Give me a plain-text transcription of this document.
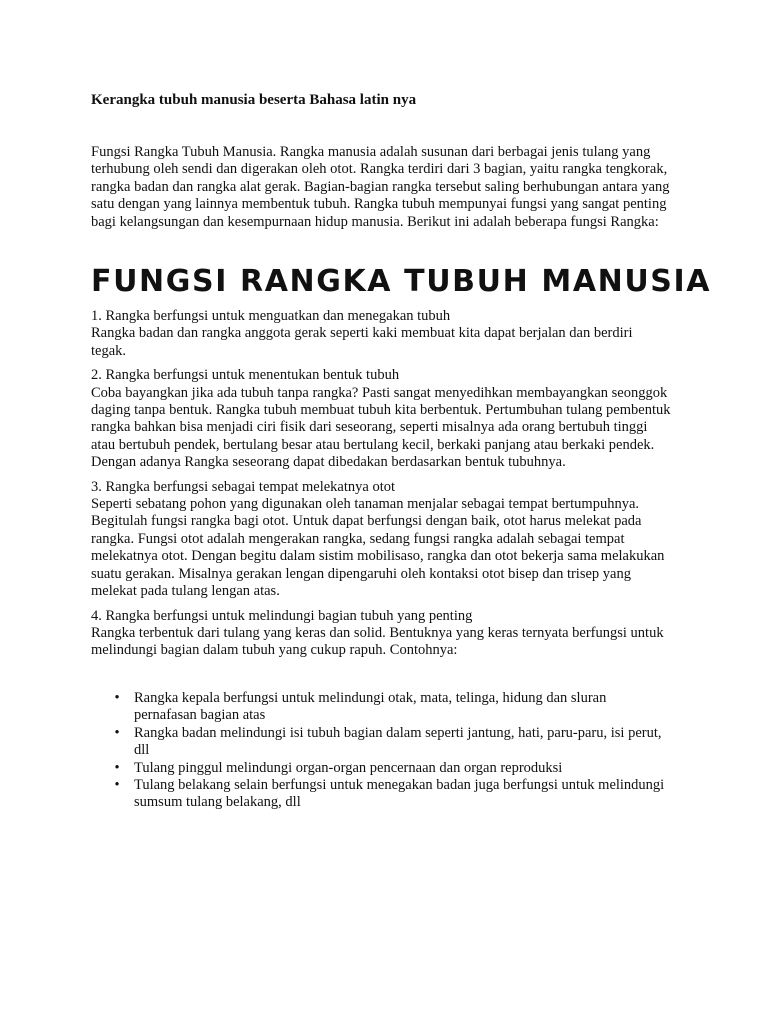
Kerangka tubuh manusia beserta Bahasa latin nya

Fungsi Rangka Tubuh Manusia. Rangka manusia adalah susunan dari berbagai jenis tulang yang terhubung oleh sendi dan digerakan oleh otot. Rangka terdiri dari 3 bagian, yaitu rangka tengkorak, rangka badan dan rangka alat gerak. Bagian-bagian rangka tersebut saling berhubungan antara yang satu dengan yang lainnya membentuk tubuh. Rangka tubuh mempunyai fungsi yang sangat penting bagi kelangsungan dan kesempurnaan hidup manusia. Berikut ini adalah beberapa fungsi Rangka:

FUNGSI RANGKA TUBUH MANUSIA

1. Rangka berfungsi untuk menguatkan dan menegakan tubuh

Rangka badan dan rangka anggota gerak seperti kaki membuat kita dapat berjalan dan berdiri tegak.

2. Rangka berfungsi untuk menentukan bentuk tubuh

Coba bayangkan jika ada tubuh tanpa rangka? Pasti sangat menyedihkan membayangkan seonggok daging tanpa bentuk. Rangka tubuh membuat tubuh kita berbentuk. Pertumbuhan tulang pembentuk rangka bahkan bisa menjadi ciri fisik dari seseorang, seperti misalnya ada orang bertubuh tinggi atau bertubuh pendek, bertulang besar atau bertulang kecil, berkaki panjang atau berkaki pendek. Dengan adanya Rangka seseorang dapat dibedakan berdasarkan bentuk tubuhnya.

3. Rangka berfungsi sebagai tempat melekatnya otot

Seperti sebatang pohon yang digunakan oleh tanaman menjalar sebagai tempat bertumpuhnya. Begitulah fungsi rangka bagi otot. Untuk dapat berfungsi dengan baik, otot harus melekat pada rangka. Fungsi otot adalah mengerakan rangka, sedang fungsi rangka adalah sebagai tempat melekatnya otot. Dengan begitu dalam sistim mobilisaso, rangka dan otot bekerja sama melakukan suatu gerakan. Misalnya gerakan lengan dipengaruhi oleh kontaksi otot bisep dan trisep yang melekat pada tulang lengan atas.

4. Rangka berfungsi untuk melindungi bagian tubuh yang penting

Rangka terbentuk dari tulang yang keras dan solid. Bentuknya yang keras ternyata berfungsi untuk melindungi bagian dalam tubuh yang cukup rapuh. Contohnya:

• Rangka kepala berfungsi untuk melindungi otak, mata, telinga, hidung dan sluran pernafasan bagian atas
• Rangka badan melindungi isi tubuh bagian dalam seperti jantung, hati, paru-paru, isi perut, dll
• Tulang pinggul melindungi organ-organ pencernaan dan organ reproduksi
• Tulang belakang selain berfungsi untuk menegakan badan juga berfungsi untuk melindungi sumsum tulang belakang, dll
